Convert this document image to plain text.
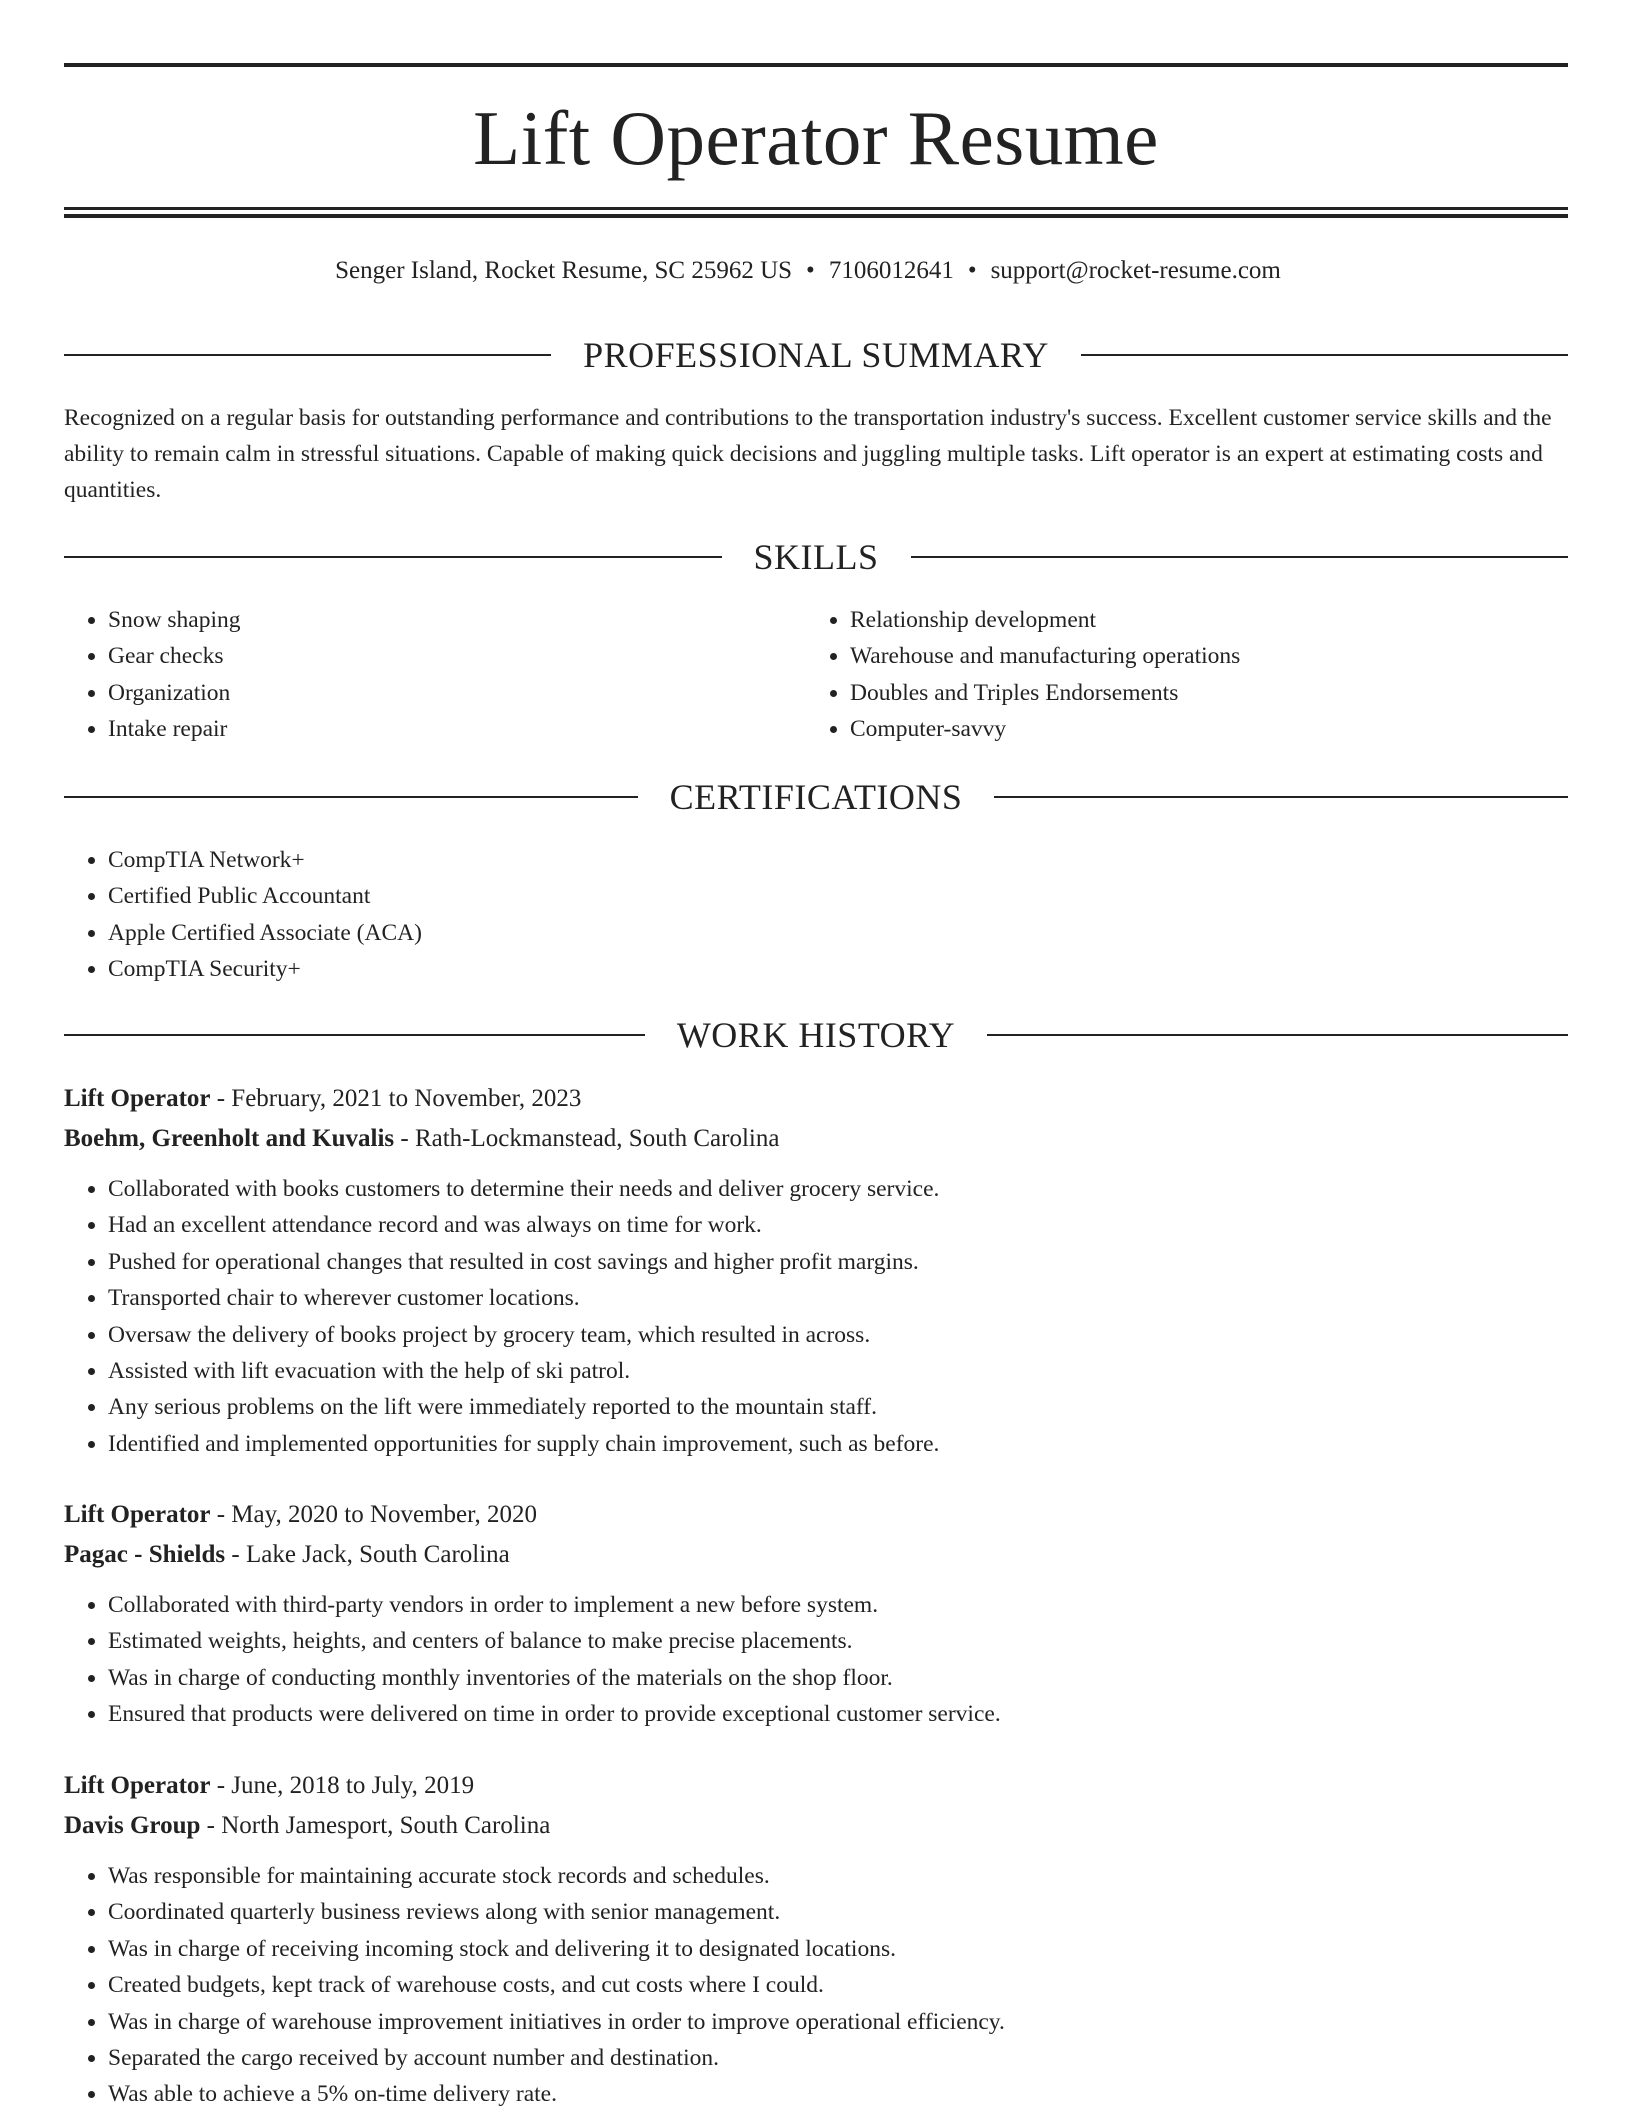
Lift Operator Resume
Senger Island, Rocket Resume, SC 25962 US • 7106012641 • support@rocket-resume.com
PROFESSIONAL SUMMARY

Recognized on a regular basis for outstanding performance and contributions to the transportation industry's success. Excellent customer service skills and the ability to remain calm in stressful situations. Capable of making quick decisions and juggling multiple tasks. Lift operator is an expert at estimating costs and quantities.

SKILLS
• Snow shaping
• Gear checks
• Organization
• Intake repair
• Relationship development
• Warehouse and manufacturing operations
• Doubles and Triples Endorsements
• Computer-savvy
CERTIFICATIONS
• CompTIA Network+
• Certified Public Accountant
• Apple Certified Associate (ACA)
• CompTIA Security+
WORK HISTORY
Lift Operator - February, 2021 to November, 2023
Boehm, Greenholt and Kuvalis - Rath-Lockmanstead, South Carolina
• Collaborated with books customers to determine their needs and deliver grocery service.
• Had an excellent attendance record and was always on time for work.
• Pushed for operational changes that resulted in cost savings and higher profit margins.
• Transported chair to wherever customer locations.
• Oversaw the delivery of books project by grocery team, which resulted in across.
• Assisted with lift evacuation with the help of ski patrol.
• Any serious problems on the lift were immediately reported to the mountain staff.
• Identified and implemented opportunities for supply chain improvement, such as before.
Lift Operator - May, 2020 to November, 2020
Pagac - Shields - Lake Jack, South Carolina
• Collaborated with third-party vendors in order to implement a new before system.
• Estimated weights, heights, and centers of balance to make precise placements.
• Was in charge of conducting monthly inventories of the materials on the shop floor.
• Ensured that products were delivered on time in order to provide exceptional customer service.
Lift Operator - June, 2018 to July, 2019
Davis Group - North Jamesport, South Carolina
• Was responsible for maintaining accurate stock records and schedules.
• Coordinated quarterly business reviews along with senior management.
• Was in charge of receiving incoming stock and delivering it to designated locations.
• Created budgets, kept track of warehouse costs, and cut costs where I could.
• Was in charge of warehouse improvement initiatives in order to improve operational efficiency.
• Separated the cargo received by account number and destination.
• Was able to achieve a 5% on-time delivery rate.
